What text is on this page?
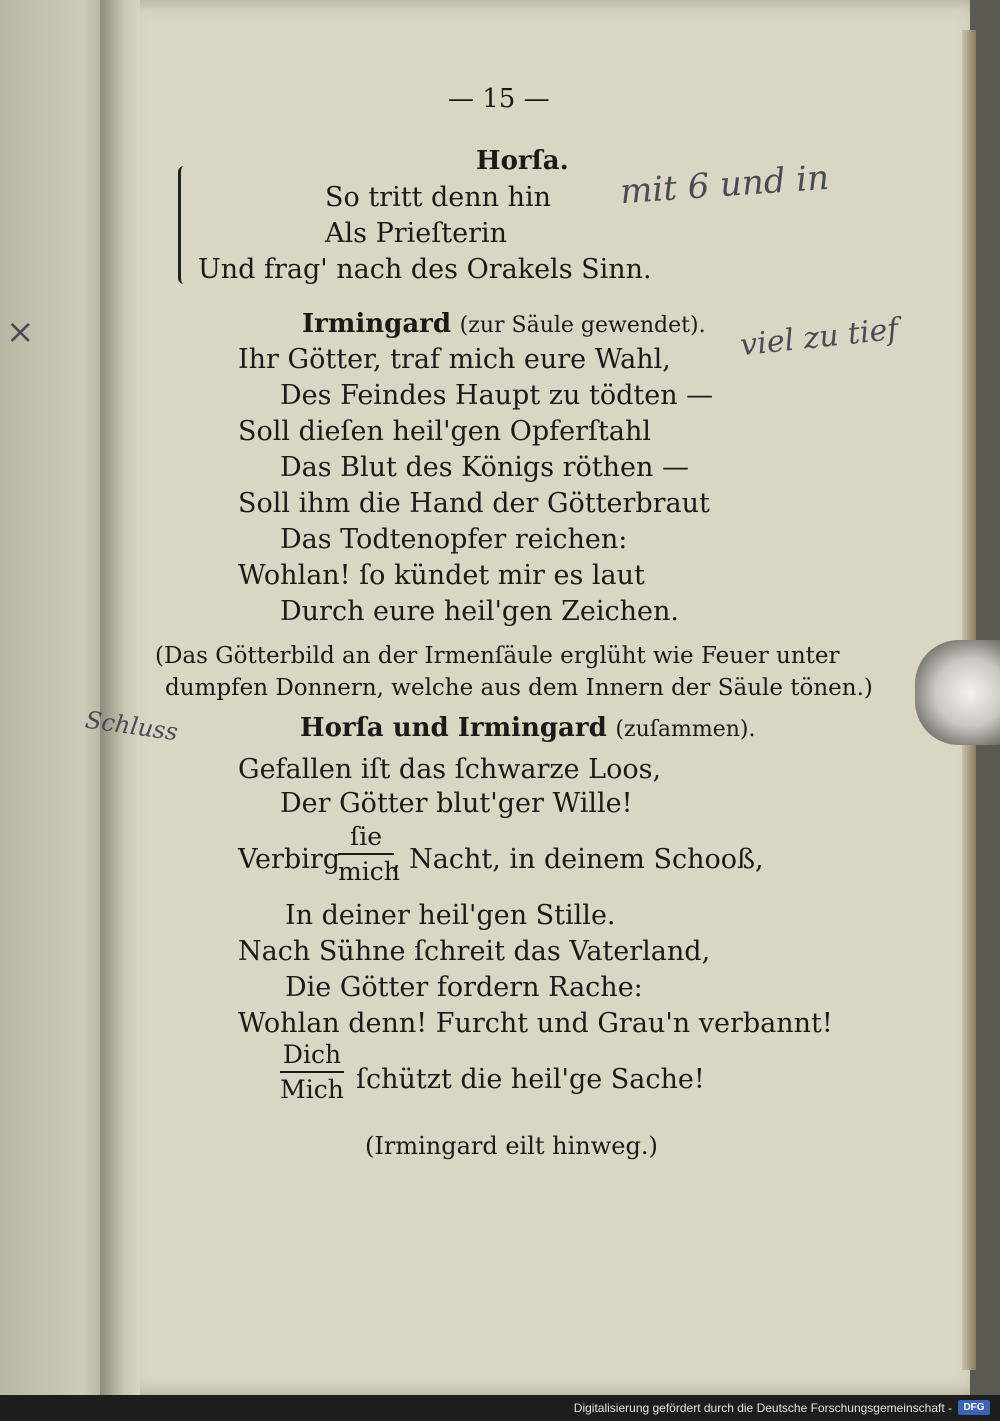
— 15 —
Horſa.
So tritt denn hin
Als Prieſterin
Und frag' nach des Orakels Sinn.
Irmingard (zur Säule gewendet).
Ihr Götter, traf mich eure Wahl,
Des Feindes Haupt zu tödten —
Soll dieſen heil'gen Opferſtahl
Das Blut des Königs röthen —
Soll ihm die Hand der Götterbraut
Das Todtenopfer reichen:
Wohlan! ſo kündet mir es laut
Durch eure heil'gen Zeichen.
(Das Götterbild an der Irmenſäule erglüht wie Feuer unter
dumpfen Donnern, welche aus dem Innern der Säule tönen.)
Horſa und Irmingard (zuſammen).
Gefallen iſt das ſchwarze Loos,
Der Götter blut'ger Wille!
Verbirg
ſie
mich
, Nacht, in deinem Schooß,
In deiner heil'gen Stille.
Nach Sühne ſchreit das Vaterland,
Die Götter fordern Rache:
Wohlan denn! Furcht und Grau'n verbannt!
Dich
Mich ſchützt die heil'ge Sache!
(Irmingard eilt hinweg.)
mit 6 und in
viel zu tief
Schluss
×
Digitalisierung gefördert durch die Deutsche Forschungsgemeinschaft -	DFG
